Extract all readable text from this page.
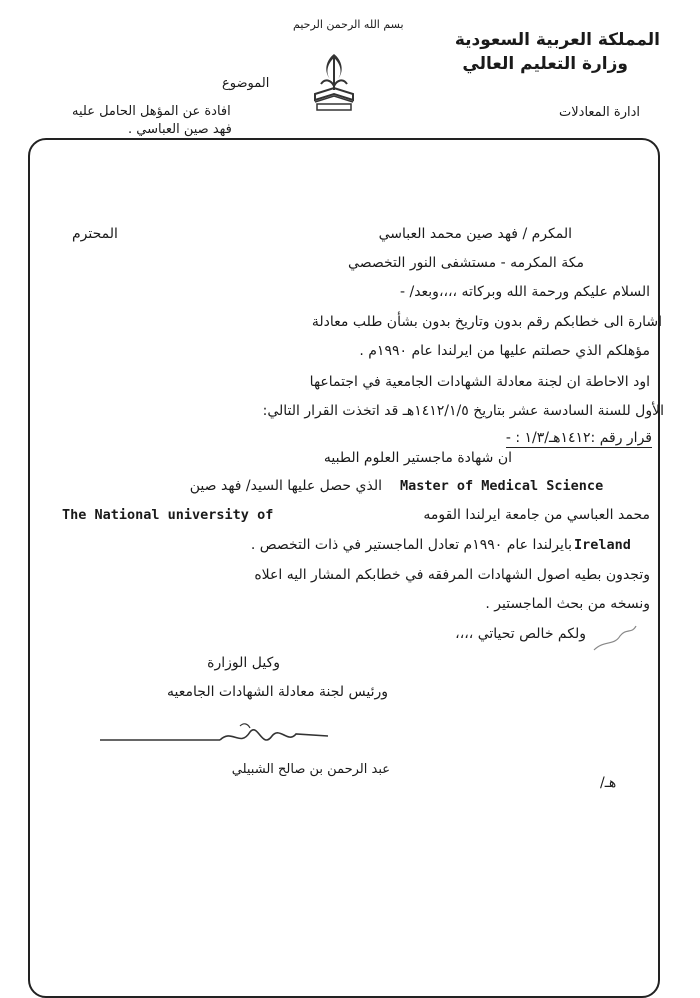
بسم الله الرحمن الرحيم
المملكة العربية السعودية
وزارة التعليم العالي
ادارة المعادلات
الموضوع
افادة عن المؤهل الحامل عليه
فهد صين العباسي .
المكرم / فهد صين محمد العباسي
المحترم
مكة المكرمه - مستشفى النور التخصصي
السلام عليكم ورحمة الله وبركاته ،،،،وبعد/ -
اشارة الى خطابكم رقم بدون وتاريخ بدون بشأن طلب معادلة
مؤهلكم الذي حصلتم عليها من ايرلندا عام ١٩٩٠م .
اود الاحاطة ان لجنة معادلة الشهادات الجامعية في اجتماعها
الأول للسنة السادسة عشر بتاريخ ١٤١٢/١/٥هـ قد اتخذت القرار التالي:
قرار رقم :١٤١٢هـ/١/٣ : -
ان شهادة ماجستير العلوم الطبيه
Master of Medical Science
الذي حصل عليها السيد/ فهد صين
محمد العباسي من جامعة ايرلندا القومه
The National university of
Ireland
بايرلندا عام ١٩٩٠م تعادل الماجستير في ذات التخصص .
وتجدون بطيه اصول الشهادات المرفقه في خطابكم المشار اليه اعلاه
ونسخه من بحث الماجستير .
ولكم خالص تحياتي ،،،،
وكيل الوزارة
ورئيس لجنة معادلة الشهادات الجامعيه
عبد الرحمن بن صالح الشبيلي
هـ/
